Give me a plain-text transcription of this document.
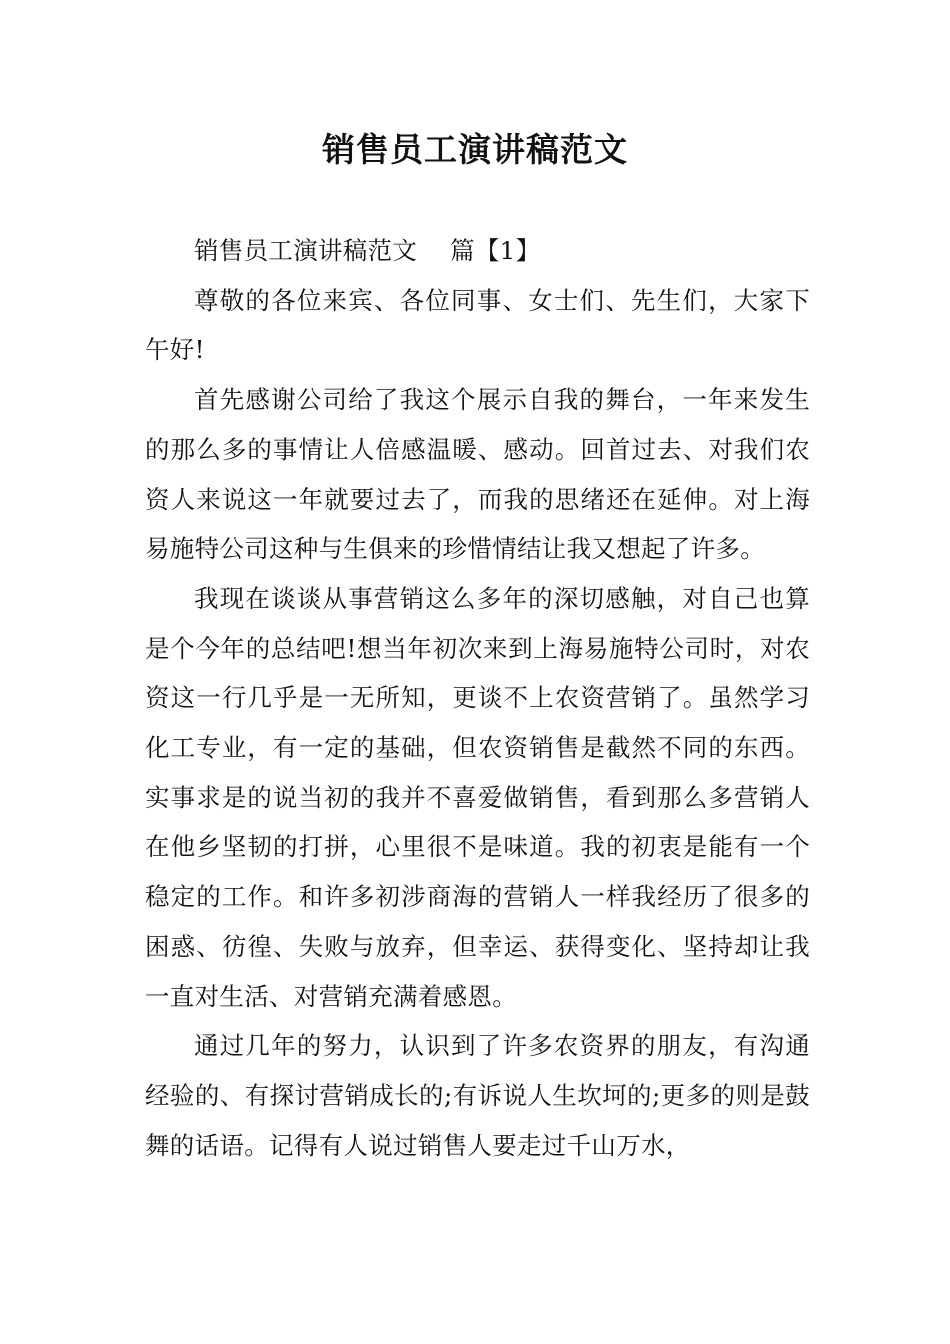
销售员工演讲稿范文

销售员工演讲稿范文　 篇【1】

尊敬的各位来宾、各位同事、女士们、先生们，大家下午好!

首先感谢公司给了我这个展示自我的舞台，一年来发生的那么多的事情让人倍感温暖、感动。回首过去、对我们农资人来说这一年就要过去了，而我的思绪还在延伸。对上海易施特公司这种与生俱来的珍惜情结让我又想起了许多。

我现在谈谈从事营销这么多年的深切感触，对自己也算是个今年的总结吧!想当年初次来到上海易施特公司时，对农资这一行几乎是一无所知，更谈不上农资营销了。虽然学习化工专业，有一定的基础，但农资销售是截然不同的东西。实事求是的说当初的我并不喜爱做销售，看到那么多营销人在他乡坚韧的打拼，心里很不是味道。我的初衷是能有一个稳定的工作。和许多初涉商海的营销人一样我经历了很多的困惑、彷徨、失败与放弃，但幸运、获得变化、坚持却让我一直对生活、对营销充满着感恩。

通过几年的努力，认识到了许多农资界的朋友，有沟通经验的、有探讨营销成长的;有诉说人生坎坷的;更多的则是鼓舞的话语。记得有人说过销售人要走过千山万水，
